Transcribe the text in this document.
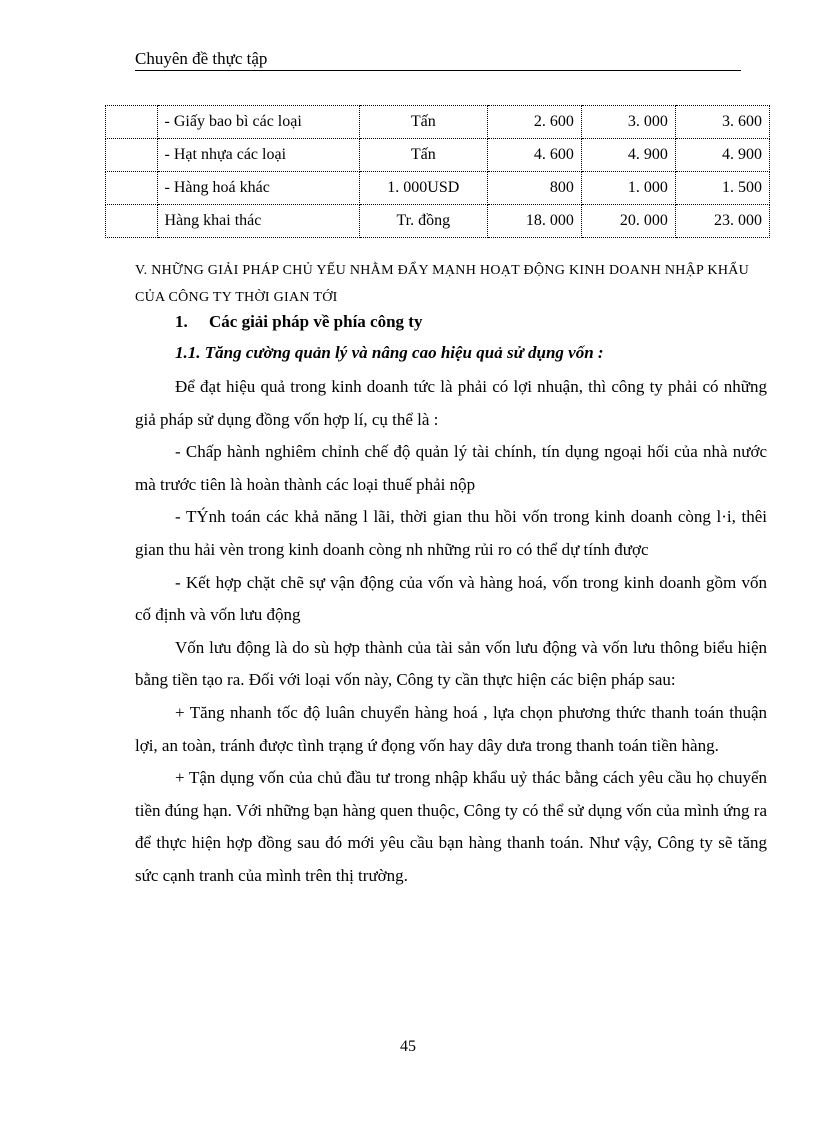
Chuyên đề thực tập
	- Giấy bao bì các loại	Tấn	2. 600	3. 000	3. 600
	- Hạt nhựa các loại	Tấn	4. 600	4. 900	4. 900
	- Hàng hoá khác	1. 000USD	800	1. 000	1. 500
	Hàng khai thác	Tr. đồng	18. 000	20. 000	23. 000
V. NHỮNG GIẢI PHÁP CHỦ YẾU NHẰM ĐẨY MẠNH HOẠT ĐỘNG KINH DOANH NHẬP KHẨU CỦA CÔNG TY THỜI GIAN TỚI
1. Các giải pháp về phía công ty
1.1. Tăng cường quản lý và nâng cao hiệu quả sử dụng vốn :

Để đạt hiệu quả trong kinh doanh tức là phải có lợi nhuận, thì công ty phải có những giả pháp sử dụng đồng vốn hợp lí, cụ thể là :

- Chấp hành nghiêm chỉnh chế độ quản lý tài chính, tín dụng ngoại hối của nhà nước mà trước tiên là hoàn thành các loại thuế phải nộp

- TÝnh toán các khả năng l lãi, thời gian thu hồi vốn trong kinh doanh còng l·i, thêi gian thu hải vèn trong kinh doanh còng nh những rủi ro có thể dự tính được

- Kết hợp chặt chẽ sự vận động của vốn và hàng hoá, vốn trong kinh doanh gồm vốn cố định và vốn lưu động

Vốn lưu động là do sù hợp thành của tài sản vốn lưu động và vốn lưu thông biểu hiện bằng tiền tạo ra. Đối với loại vốn này, Công ty cần thực hiện các biện pháp sau:

+ Tăng nhanh tốc độ luân chuyển hàng hoá , lựa chọn phương thức thanh toán thuận lợi, an toàn, tránh được tình trạng ứ đọng vốn hay dây dưa trong thanh toán tiền hàng.

+ Tận dụng vốn của chủ đầu tư trong nhập khẩu uỷ thác bằng cách yêu cầu họ chuyển tiền đúng hạn. Với những bạn hàng quen thuộc, Công ty có thể sử dụng vốn của mình ứng ra để thực hiện hợp đồng sau đó mới yêu cầu bạn hàng thanh toán. Như vậy, Công ty sẽ tăng sức cạnh tranh của mình trên thị trường.

45
